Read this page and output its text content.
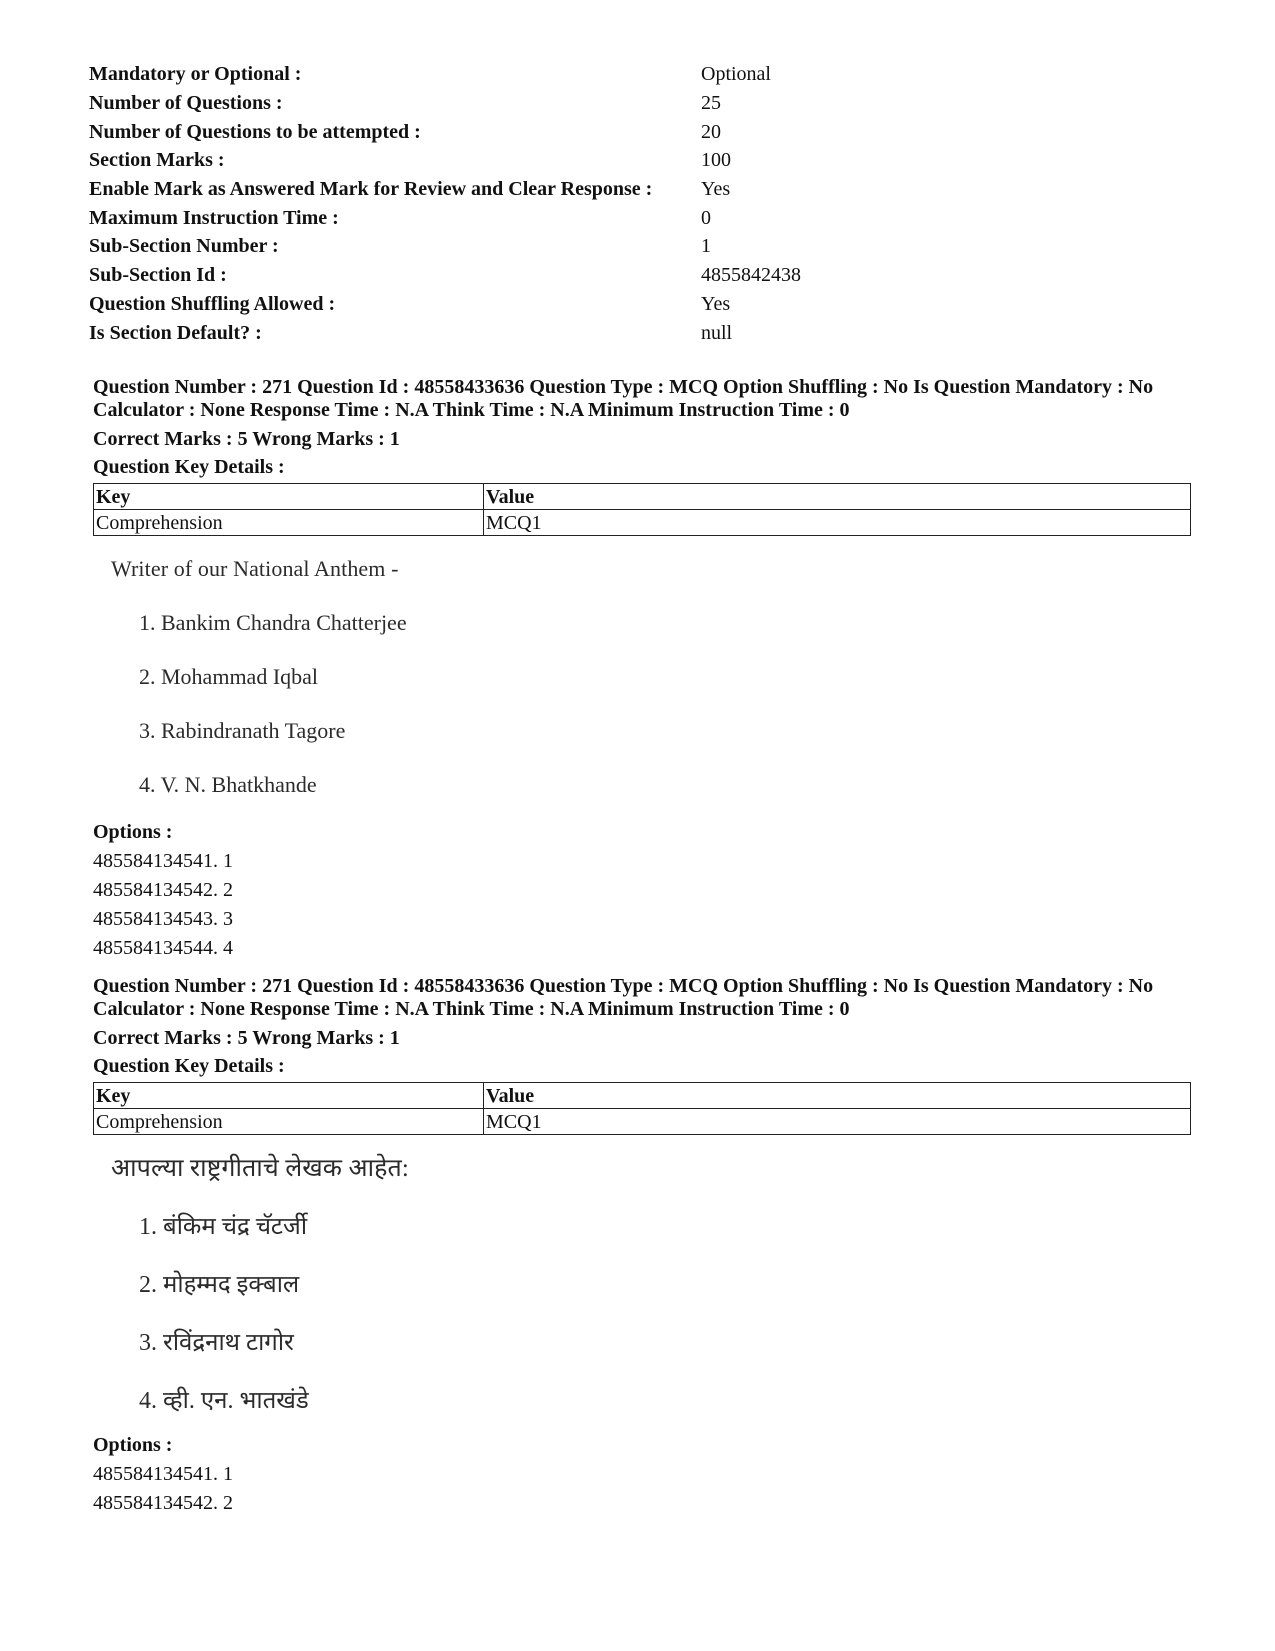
Mandatory or Optional :	Optional
Number of Questions :	25
Number of Questions to be attempted :	20
Section Marks :	100
Enable Mark as Answered Mark for Review and Clear Response :	Yes
Maximum Instruction Time :	0
Sub-Section Number :	1
Sub-Section Id :	4855842438
Question Shuffling Allowed :	Yes
Is Section Default? :	null
Question Number : 271 Question Id : 48558433636 Question Type : MCQ Option Shuffling : No Is Question Mandatory : No Calculator : None Response Time : N.A Think Time : N.A Minimum Instruction Time : 0
Correct Marks : 5 Wrong Marks : 1
Question Key Details :
Key	Value
Comprehension	MCQ1
Writer of our National Anthem -
1. Bankim Chandra Chatterjee
2. Mohammad Iqbal
3. Rabindranath Tagore
4. V. N. Bhatkhande
Options :
485584134541. 1
485584134542. 2
485584134543. 3
485584134544. 4
Question Number : 271 Question Id : 48558433636 Question Type : MCQ Option Shuffling : No Is Question Mandatory : No Calculator : None Response Time : N.A Think Time : N.A Minimum Instruction Time : 0
Correct Marks : 5 Wrong Marks : 1
Question Key Details :
Key	Value
Comprehension	MCQ1
आपल्या राष्ट्रगीताचे लेखक आहेत:
1. बंकिम चंद्र चॅटर्जी
2. मोहम्मद इक्बाल
3. रविंद्रनाथ टागोर
4. व्ही. एन. भातखंडे
Options :
485584134541. 1
485584134542. 2
